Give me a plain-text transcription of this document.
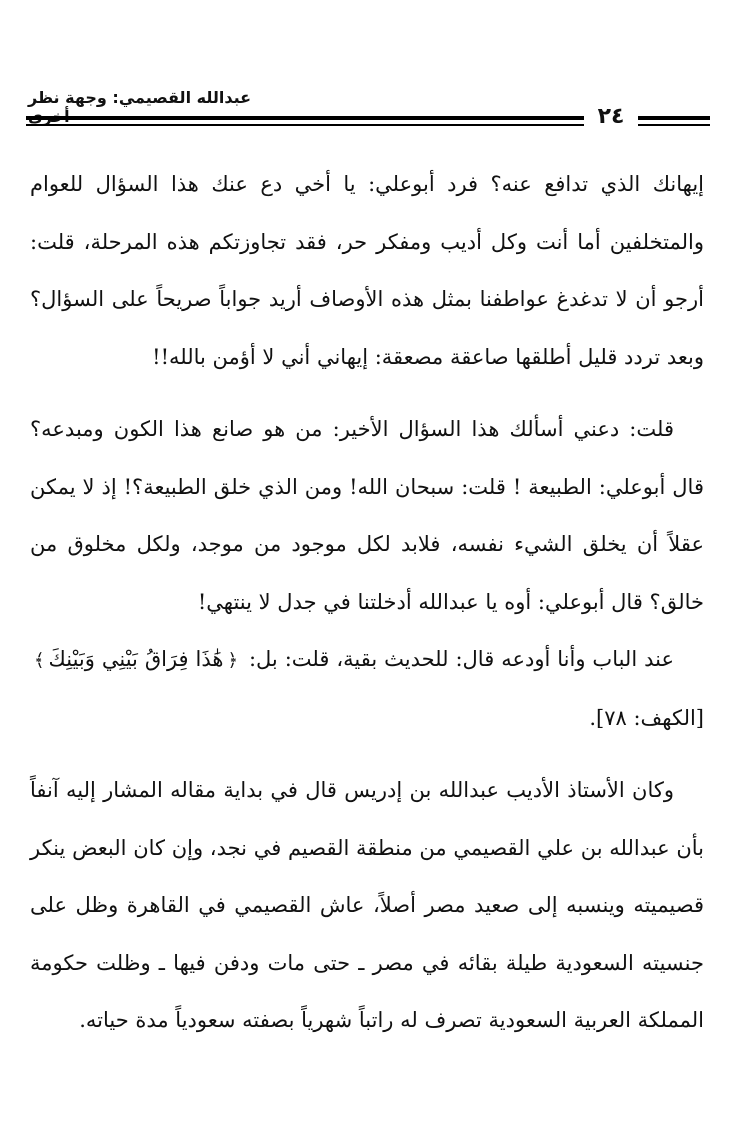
عبدالله القصيمي: وجهة نظر
٢٤

إيهانك الذي تدافع عنه؟ فرد أبوعلي: يا أخي دع عنك هذا السؤال للعوام والمتخلفين أما أنت وكل أديب ومفكر حر، فقد تجاوزتكم هذه المرحلة، قلت: أرجو أن لا تدغدغ عواطفنا بمثل هذه الأوصاف أريد جواباً صريحاً على السؤال؟ وبعد تردد قليل أطلقها صاعقة مصعقة: إيهاني أني لا أؤمن بالله!!

قلت: دعني أسألك هذا السؤال الأخير: من هو صانع هذا الكون ومبدعه؟ قال أبوعلي: الطبيعة ! قلت: سبحان الله! ومن الذي خلق الطبيعة؟! إذ لا يمكن عقلاً أن يخلق الشيء نفسه، فلابد لكل موجود من موجد، ولكل مخلوق من خالق؟ قال أبوعلي: أوه يا عبدالله أدخلتنا في جدل لا ينتهي!

عند الباب وأنا أودعه قال: للحديث بقية، قلت: بل: ﴿هَٰذَا فِرَاقُ بَيْنِي وَبَيْنِكَ﴾ [الكهف: ٧٨].

وكان الأستاذ الأديب عبدالله بن إدريس قال في بداية مقاله المشار إليه آنفاً بأن عبدالله بن علي القصيمي من منطقة القصيم في نجد، وإن كان البعض ينكر قصيميته وينسبه إلى صعيد مصر أصلاً، عاش القصيمي في القاهرة وظل على جنسيته السعودية طيلة بقائه في مصر ـ حتى مات ودفن فيها ـ وظلت حكومة المملكة العربية السعودية تصرف له راتباً شهرياً بصفته سعودياً مدة حياته.
